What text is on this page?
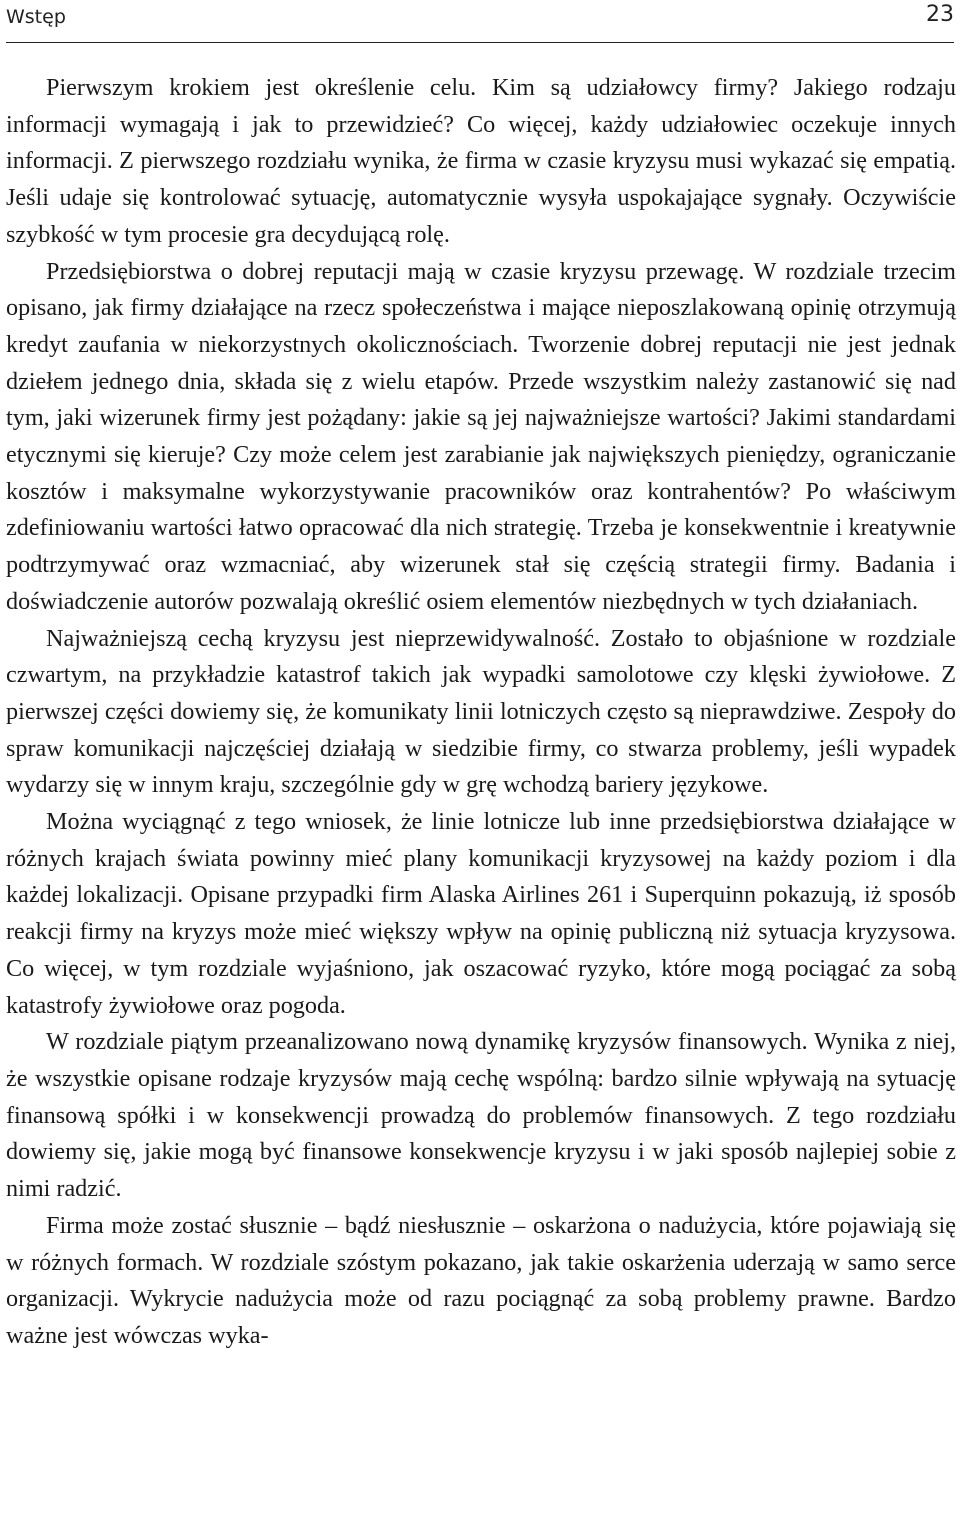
Wstęp	23

Pierwszym krokiem jest określenie celu. Kim są udziałowcy firmy? Jakiego rodzaju informacji wymagają i jak to przewidzieć? Co więcej, każdy udziałowiec oczekuje innych informacji. Z pierwszego rozdziału wynika, że firma w czasie kryzysu musi wykazać się empatią. Jeśli udaje się kontrolować sytuację, automatycznie wysyła uspokajające sygnały. Oczywiście szybkość w tym procesie gra decydującą rolę.

Przedsiębiorstwa o dobrej reputacji mają w czasie kryzysu przewagę. W rozdziale trzecim opisano, jak firmy działające na rzecz społeczeństwa i mające nieposzlakowaną opinię otrzymują kredyt zaufania w niekorzystnych okolicznościach. Tworzenie dobrej reputacji nie jest jednak dziełem jednego dnia, składa się z wielu etapów. Przede wszystkim należy zastanowić się nad tym, jaki wizerunek firmy jest pożądany: jakie są jej najważniejsze wartości? Jakimi standardami etycznymi się kieruje? Czy może celem jest zarabianie jak największych pieniędzy, ograniczanie kosztów i maksymalne wykorzystywanie pracowników oraz kontrahentów? Po właściwym zdefiniowaniu wartości łatwo opracować dla nich strategię. Trzeba je konsekwentnie i kreatywnie podtrzymywać oraz wzmacniać, aby wizerunek stał się częścią strategii firmy. Badania i doświadczenie autorów pozwalają określić osiem elementów niezbędnych w tych działaniach.

Najważniejszą cechą kryzysu jest nieprzewidywalność. Zostało to objaśnione w rozdziale czwartym, na przykładzie katastrof takich jak wypadki samolotowe czy klęski żywiołowe. Z pierwszej części dowiemy się, że komunikaty linii lotniczych często są nieprawdziwe. Zespoły do spraw komunikacji najczęściej działają w siedzibie firmy, co stwarza problemy, jeśli wypadek wydarzy się w innym kraju, szczególnie gdy w grę wchodzą bariery językowe.

Można wyciągnąć z tego wniosek, że linie lotnicze lub inne przedsiębiorstwa działające w różnych krajach świata powinny mieć plany komunikacji kryzysowej na każdy poziom i dla każdej lokalizacji. Opisane przypadki firm Alaska Airlines 261 i Superquinn pokazują, iż sposób reakcji firmy na kryzys może mieć większy wpływ na opinię publiczną niż sytuacja kryzysowa. Co więcej, w tym rozdziale wyjaśniono, jak oszacować ryzyko, które mogą pociągać za sobą katastrofy żywiołowe oraz pogoda.

W rozdziale piątym przeanalizowano nową dynamikę kryzysów finansowych. Wynika z niej, że wszystkie opisane rodzaje kryzysów mają cechę wspólną: bardzo silnie wpływają na sytuację finansową spółki i w konsekwencji prowadzą do problemów finansowych. Z tego rozdziału dowiemy się, jakie mogą być finansowe konsekwencje kryzysu i w jaki sposób najlepiej sobie z nimi radzić.

Firma może zostać słusznie – bądź niesłusznie – oskarżona o nadużycia, które pojawiają się w różnych formach. W rozdziale szóstym pokazano, jak takie oskarżenia uderzają w samo serce organizacji. Wykrycie nadużycia może od razu pociągnąć za sobą problemy prawne. Bardzo ważne jest wówczas wyka-
